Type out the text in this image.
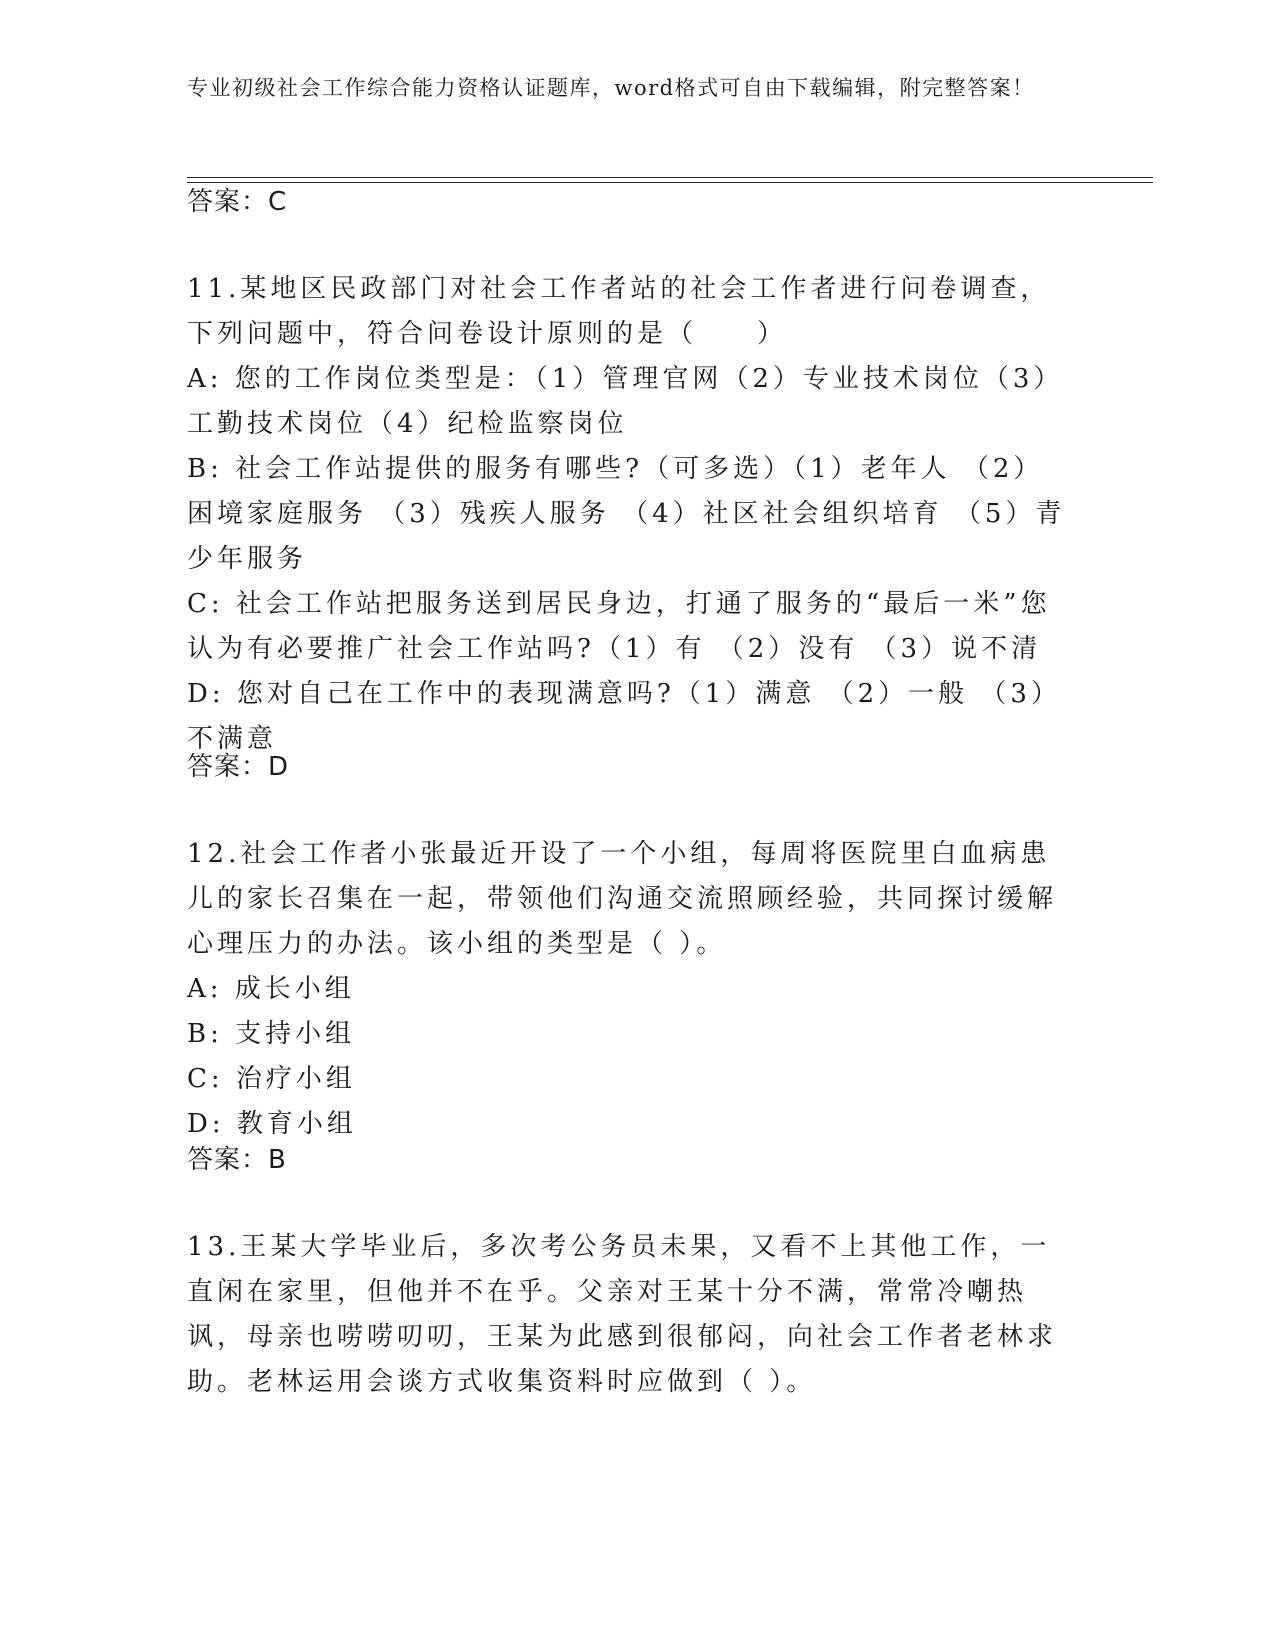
专业初级社会工作综合能力资格认证题库，word格式可自由下载编辑，附完整答案！
答案：C

11.某地区民政部门对社会工作者站的社会工作者进行问卷调查，下列问题中，符合问卷设计原则的是（　　）

A: 您的工作岗位类型是：（1）管理官网（2）专业技术岗位（3）工勤技术岗位（4）纪检监察岗位

B: 社会工作站提供的服务有哪些?（可多选）（1）老年人 （2）困境家庭服务 （3）残疾人服务 （4）社区社会组织培育 （5）青少年服务

C: 社会工作站把服务送到居民身边，打通了服务的“最后一米”您认为有必要推广社会工作站吗?（1）有 （2）没有 （3）说不清

D: 您对自己在工作中的表现满意吗?（1）满意 （2）一般 （3）不满意

答案：D

12.社会工作者小张最近开设了一个小组，每周将医院里白血病患儿的家长召集在一起，带领他们沟通交流照顾经验，共同探讨缓解心理压力的办法。该小组的类型是（ ）。

A: 成长小组

B: 支持小组

C: 治疗小组

D: 教育小组

答案：B

13.王某大学毕业后，多次考公务员未果，又看不上其他工作，一直闲在家里，但他并不在乎。父亲对王某十分不满，常常冷嘲热讽，母亲也唠唠叨叨，王某为此感到很郁闷，向社会工作者老林求助。老林运用会谈方式收集资料时应做到（ ）。
